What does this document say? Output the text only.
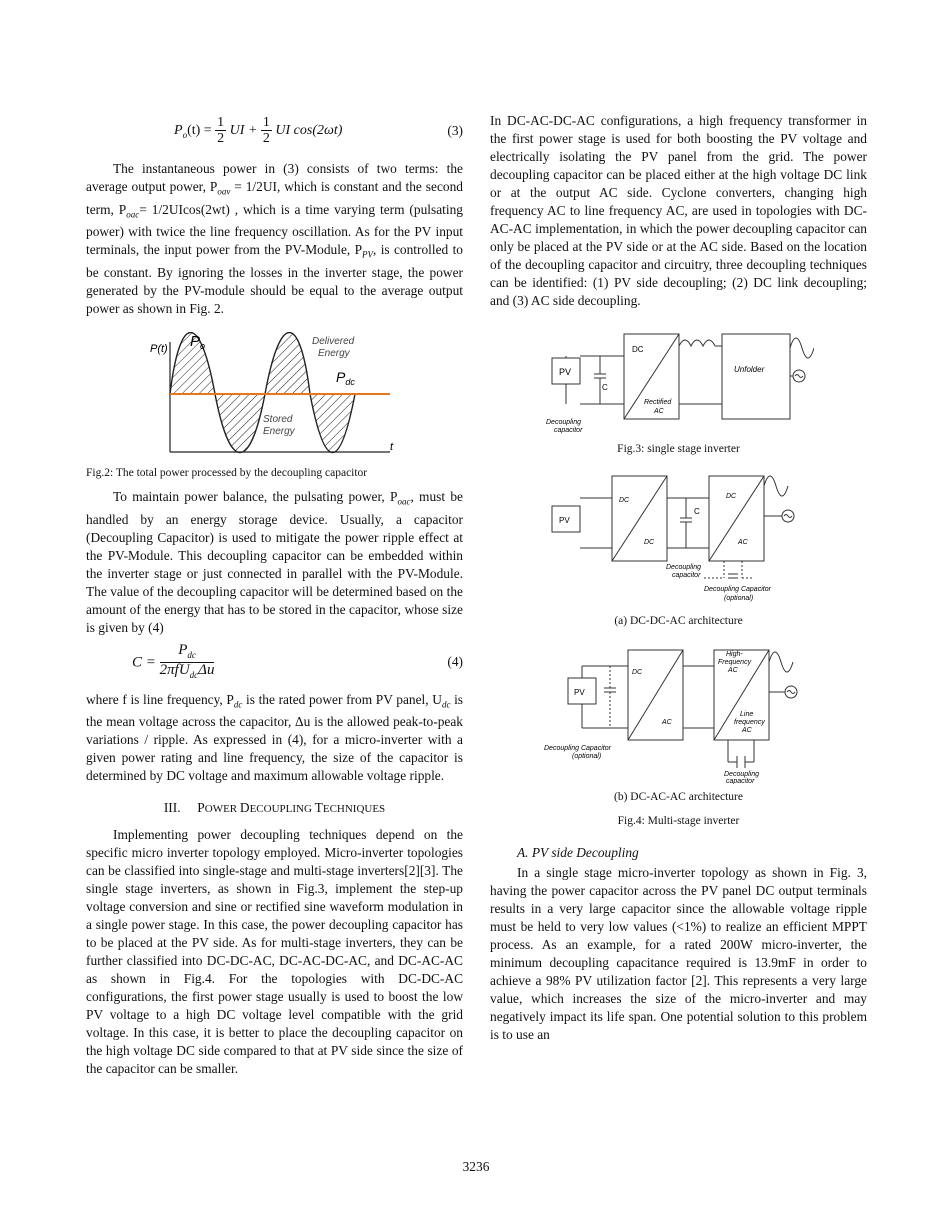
$P_o(t) = \frac{1}{2}$ UI + $\frac{1}{2}$ UI cos(2ωt)	(3)

The instantaneous power in (3) consists of two terms: the average output power, $P_{oav} = 1/2UI$, which is constant and the second term, $P_{oac}= 1/2UIcos(2wt)$ , which is a time varying term (pulsating power) with twice the line frequency oscillation. As for the PV input terminals, the input power from the PV-Module, $P_{PV}$, is controlled to be constant. By ignoring the losses in the inverter stage, the power generated by the PV-module should be equal to the average output power as shown in Fig. 2.

P(t)
t
$P_o$
$P_{dc}$
Delivered
Energy
Stored
Energy
Fig.2: The total power processed by the decoupling capacitor

To maintain power balance, the pulsating power, $P_{oac}$, must be handled by an energy storage device. Usually, a capacitor (Decoupling Capacitor) is used to mitigate the power ripple effect at the PV-Module. This decoupling capacitor can be embedded within the inverter stage or just connected in parallel with the PV-Module. The value of the decoupling capacitor will be determined based on the amount of the energy that has to be stored in the capacitor, whose size is given by (4)

$C = \frac{P_{dc}}{2\pi fU_{dc}\Delta u}$	(4)

where f is line frequency, $P_{dc}$ is the rated power from PV panel, $U_{dc}$ is the mean voltage across the capacitor, Δu is the allowed peak-to-peak variations / ripple. As expressed in (4), for a micro-inverter with a given power rating and line frequency, the size of the capacitor is determined by DC voltage and maximum allowable voltage ripple.

III. POWER DECOUPLING TECHNIQUES

Implementing power decoupling techniques depend on the specific micro inverter topology employed. Micro-inverter topologies can be classified into single-stage and multi-stage inverters[2][3]. The single stage inverters, as shown in Fig.3, implement the step-up voltage conversion and sine or rectified sine waveform modulation in a single power stage. In this case, the power decoupling capacitor has to be placed at the PV side. As for multi-stage inverters, they can be further classified into DC-DC-AC, DC-AC-DC-AC, and DC-AC-AC as shown in Fig.4. For the topologies with DC-DC-AC configurations, the first power stage usually is used to boost the low PV voltage to a high DC voltage level compatible with the grid voltage. In this case, it is better to place the decoupling capacitor on the high voltage DC side compared to that at PV side since the size of the capacitor can be smaller.

In DC-AC-DC-AC configurations, a high frequency transformer in the first power stage is used for both boosting the PV voltage and electrically isolating the PV panel from the grid. The power decoupling capacitor can be placed either at the high voltage DC link or at the output AC side. Cyclone converters, changing high frequency AC to line frequency AC, are used in topologies with DC-AC-AC implementation, in which the power decoupling capacitor can only be placed at the PV side or at the AC side. Based on the location of the decoupling capacitor and circuitry, three decoupling techniques can be identified: (1) PV side decoupling; (2) DC link decoupling; and (3) AC side decoupling.

PV
C
DC
Rectified
AC
Unfolder
Decoupling
capacitor
Fig.3: single stage inverter
PV
DC
DC
C
DC
AC
Decoupling
capacitor
Decoupling Capacitor
(optional)
(a) DC-DC-AC architecture
PV
DC
AC
High-
Frequency
AC
Line
frequency
AC
Decoupling Capacitor
(optional)
Decoupling
capacitor
(b) DC-AC-AC architecture
Fig.4: Multi-stage inverter
A. PV side Decoupling

In a single stage micro-inverter topology as shown in Fig. 3, having the power capacitor across the PV panel DC output terminals results in a very large capacitor since the allowable voltage ripple must be held to very low values (<1%) to realize an efficient MPPT process. As an example, for a rated 200W micro-inverter, the minimum decoupling capacitance required is 13.9mF in order to achieve a 98% PV utilization factor [2]. This represents a very large value, which increases the size of the micro-inverter and may negatively impact its life span. One potential solution to this problem is to use an

3236
